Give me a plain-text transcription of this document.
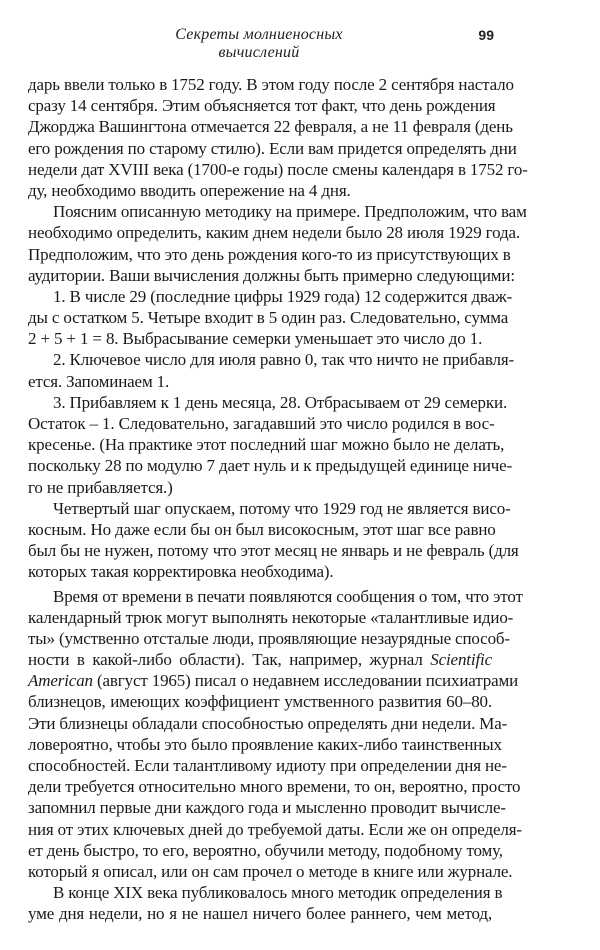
Секреты молниеносных вычислений
99
дарь ввели только в 1752 году. В этом году после 2 сентября настало
сразу 14 сентября. Этим объясняется тот факт, что день рождения
Джорджа Вашингтона отмечается 22 февраля, а не 11 февраля (день
его рождения по старому стилю). Если вам придется определять дни
недели дат XVIII века (1700-е годы) после смены календаря в 1752 го-
ду, необходимо вводить опережение на 4 дня.
Поясним описанную методику на примере. Предположим, что вам
необходимо определить, каким днем недели было 28 июля 1929 года.
Предположим, что это день рождения кого-то из присутствующих в
аудитории. Ваши вычисления должны быть примерно следующими:
1. В числе 29 (последние цифры 1929 года) 12 содержится дваж-
ды с остатком 5. Четыре входит в 5 один раз. Следовательно, сумма
2 + 5 + 1 = 8. Выбрасывание семерки уменьшает это число до 1.
2. Ключевое число для июля равно 0, так что ничто не прибавля-
ется. Запоминаем 1.
3. Прибавляем к 1 день месяца, 28. Отбрасываем от 29 семерки.
Остаток – 1. Следовательно, загадавший это число родился в вос-
кресенье. (На практике этот последний шаг можно было не делать,
поскольку 28 по модулю 7 дает нуль и к предыдущей единице ниче-
го не прибавляется.)
Четвертый шаг опускаем, потому что 1929 год не является висо-
косным. Но даже если бы он был високосным, этот шаг все равно
был бы не нужен, потому что этот месяц не январь и не февраль (для
которых такая корректировка необходима).
Время от времени в печати появляются сообщения о том, что этот
календарный трюк могут выполнять некоторые «талантливые идио-
ты» (умственно отсталые люди, проявляющие незаурядные способ-
ности в какой-либо области). Так, например, журнал Scientific
American (август 1965) писал о недавнем исследовании психиатрами
близнецов, имеющих коэффициент умственного развития 60–80.
Эти близнецы обладали способностью определять дни недели. Ма-
ловероятно, чтобы это было проявление каких-либо таинственных
способностей. Если талантливому идиоту при определении дня не-
дели требуется относительно много времени, то он, вероятно, просто
запомнил первые дни каждого года и мысленно проводит вычисле-
ния от этих ключевых дней до требуемой даты. Если же он определя-
ет день быстро, то его, вероятно, обучили методу, подобному тому,
который я описал, или он сам прочел о методе в книге или журнале.
В конце XIX века публиковалось много методик определения в
уме дня недели, но я не нашел ничего более раннего, чем метод,
